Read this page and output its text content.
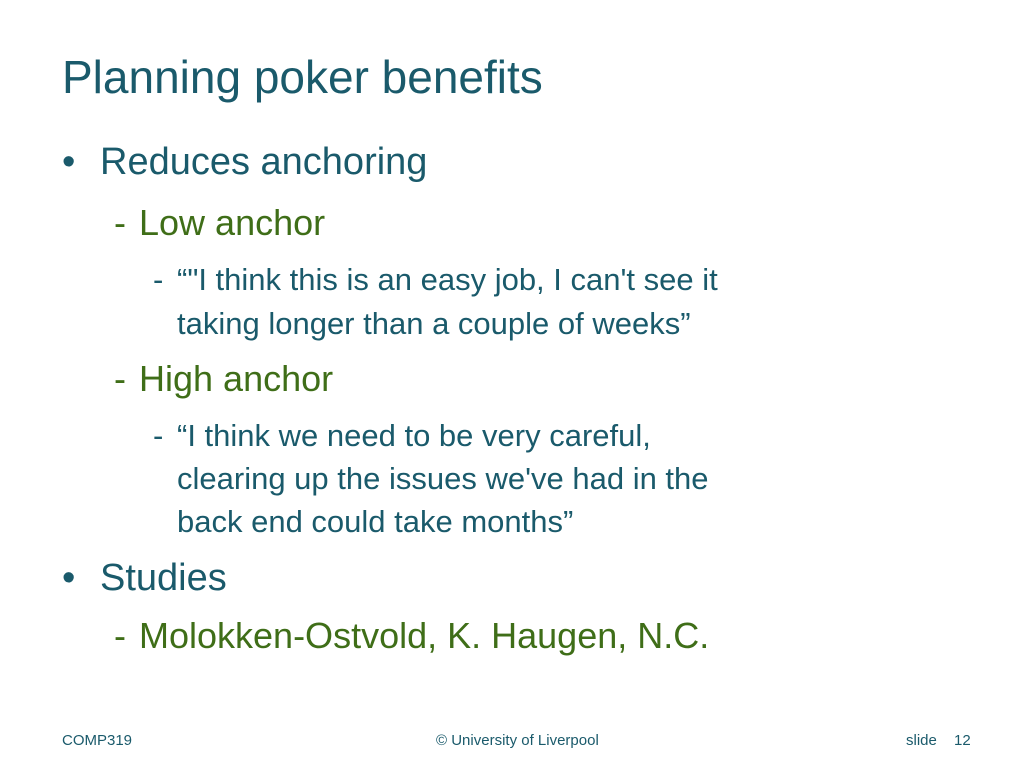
Planning poker benefits
• Reduces anchoring
- Low anchor
- “"I think this is an easy job, I can't see it
taking longer than a couple of weeks”
- High anchor
- “I think we need to be very careful,
clearing up the issues we've had in the
back end could take months”
• Studies
- Molokken-Ostvold, K. Haugen, N.C.
COMP319	© University of Liverpool	slide 12
